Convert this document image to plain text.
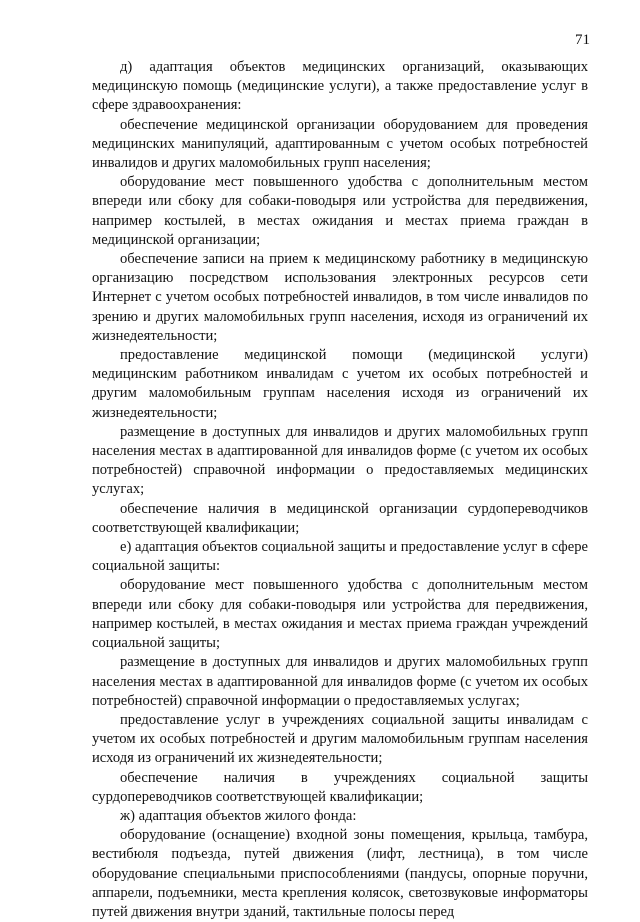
71

д) адаптация объектов медицинских организаций, оказывающих медицинскую помощь (медицинские услуги), а также предоставление услуг в сфере здравоохранения:

обеспечение медицинской организации оборудованием для проведения медицинских манипуляций, адаптированным с учетом особых потребностей инвалидов и других маломобильных групп населения;

оборудование мест повышенного удобства с дополнительным местом впереди или сбоку для собаки-поводыря или устройства для передвижения, например костылей, в местах ожидания и местах приема граждан в медицинской организации;

обеспечение записи на прием к медицинскому работнику в медицинскую организацию посредством использования электронных ресурсов сети Интернет с учетом особых потребностей инвалидов, в том числе инвалидов по зрению и других маломобильных групп населения, исходя из ограничений их жизнедеятельности;

предоставление медицинской помощи (медицинской услуги) медицинским работником инвалидам с учетом их особых потребностей и другим маломобильным группам населения исходя из ограничений их жизнедеятельности;

размещение в доступных для инвалидов и других маломобильных групп населения местах в адаптированной для инвалидов форме (с учетом их особых потребностей) справочной информации о предоставляемых медицинских услугах;

обеспечение наличия в медицинской организации сурдопереводчиков соответствующей квалификации;

е) адаптация объектов социальной защиты и предоставление услуг в сфере социальной защиты:

оборудование мест повышенного удобства с дополнительным местом впереди или сбоку для собаки-поводыря или устройства для передвижения, например костылей, в местах ожидания и местах приема граждан учреждений социальной защиты;

размещение в доступных для инвалидов и других маломобильных групп населения местах в адаптированной для инвалидов форме (с учетом их особых потребностей) справочной информации о предоставляемых услугах;

предоставление услуг в учреждениях социальной защиты инвалидам с учетом их особых потребностей и другим маломобильным группам населения исходя из ограничений их жизнедеятельности;

обеспечение наличия в учреждениях социальной защиты сурдопереводчиков соответствующей квалификации;

ж) адаптация объектов жилого фонда:

оборудование (оснащение) входной зоны помещения, крыльца, тамбура, вестибюля подъезда, путей движения (лифт, лестница), в том числе оборудование специальными приспособлениями (пандусы, опорные поручни, аппарели, подъемники, места крепления колясок, светозвуковые информаторы путей движения внутри зданий, тактильные полосы перед
